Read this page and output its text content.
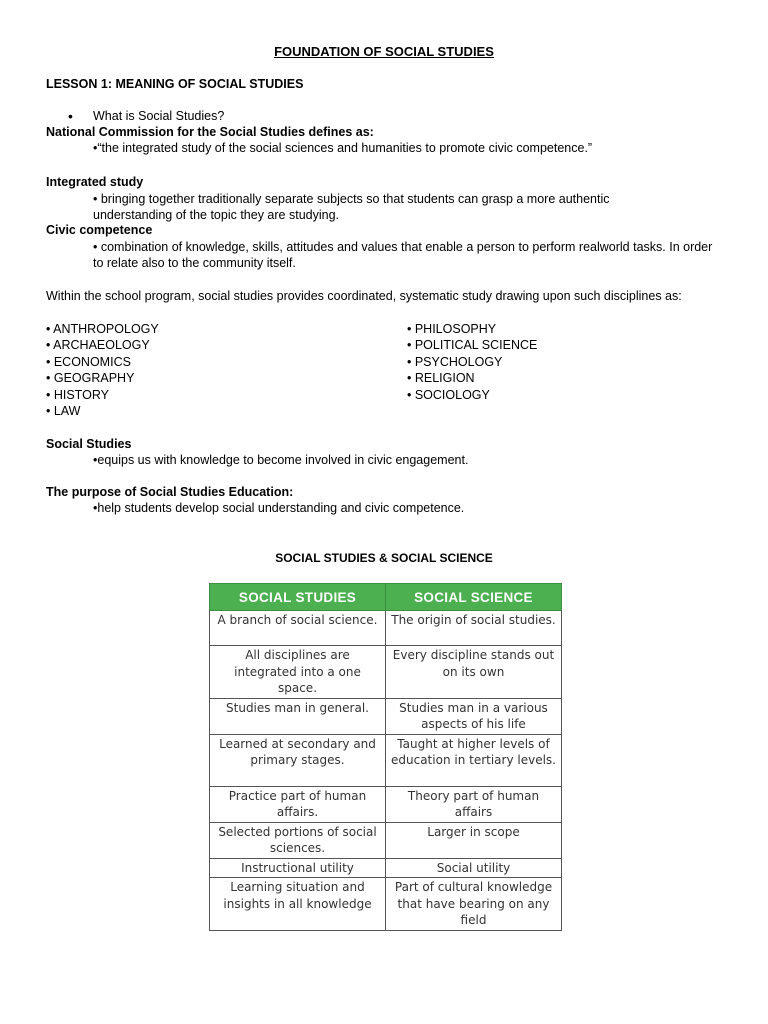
FOUNDATION OF SOCIAL STUDIES
LESSON 1: MEANING OF SOCIAL STUDIES
• What is Social Studies?
National Commission for the Social Studies defines as:
•“the integrated study of the social sciences and humanities to promote civic competence.”
Integrated study
• bringing together traditionally separate subjects so that students can grasp a more authentic understanding of the topic they are studying.
Civic competence
• combination of knowledge, skills, attitudes and values that enable a person to perform realworld tasks. In order to relate also to the community itself.
Within the school program, social studies provides coordinated, systematic study drawing upon such disciplines as:
• ANTHROPOLOGY
• ARCHAEOLOGY
• ECONOMICS
• GEOGRAPHY
• HISTORY
• LAW
• PHILOSOPHY
• POLITICAL SCIENCE
• PSYCHOLOGY
• RELIGION
• SOCIOLOGY
Social Studies
•equips us with knowledge to become involved in civic engagement.
The purpose of Social Studies Education:
•help students develop social understanding and civic competence.
SOCIAL STUDIES & SOCIAL SCIENCE
SOCIAL STUDIES	SOCIAL SCIENCE
A branch of social science.	The origin of social studies.
All disciplines are integrated into a one space.	Every discipline stands out on its own
Studies man in general.	Studies man in a various aspects of his life
Learned at secondary and primary stages.	Taught at higher levels of education in tertiary levels.
Practice part of human affairs.	Theory part of human affairs
Selected portions of social sciences.	Larger in scope
Instructional utility	Social utility
Learning situation and insights in all knowledge	Part of cultural knowledge that have bearing on any field
